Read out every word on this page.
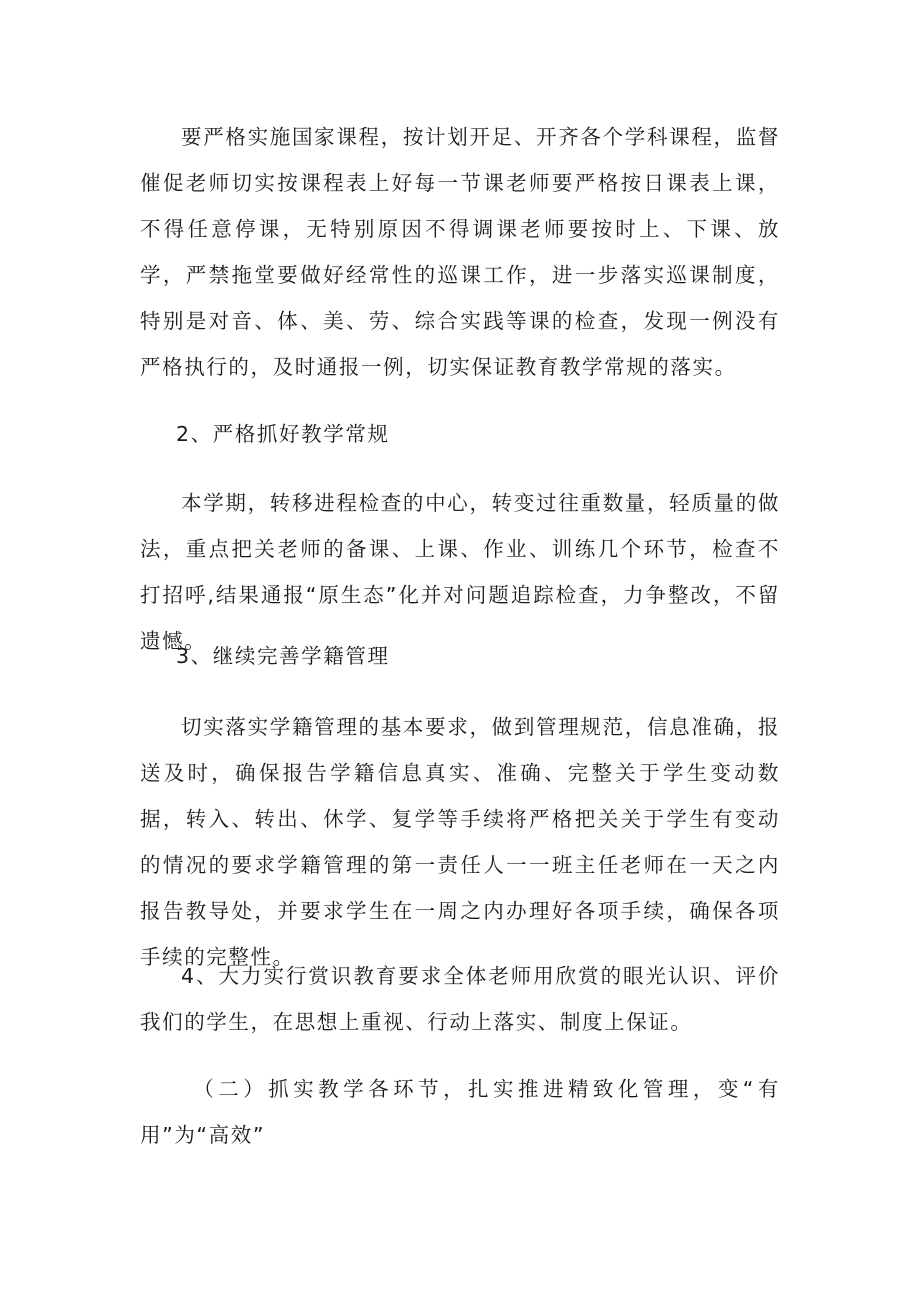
要严格实施国家课程，按计划开足、开齐各个学科课程，监督催促老师切实按课程表上好每一节课老师要严格按日课表上课，不得任意停课，无特别原因不得调课老师要按时上、下课、放学，严禁拖堂要做好经常性的巡课工作，进一步落实巡课制度，特别是对音、体、美、劳、综合实践等课的检查，发现一例没有严格执行的，及时通报一例，切实保证教育教学常规的落实。

2、严格抓好教学常规

本学期，转移进程检查的中心，转变过往重数量，轻质量的做法，重点把关老师的备课、上课、作业、训练几个环节，检查不打招呼,结果通报“原生态”化并对问题追踪检查，力争整改，不留遗憾。

3、继续完善学籍管理

切实落实学籍管理的基本要求，做到管理规范，信息准确，报送及时，确保报告学籍信息真实、准确、完整关于学生变动数据，转入、转出、休学、复学等手续将严格把关关于学生有变动的情况的要求学籍管理的第一责任人一一班主任老师在一天之内报告教导处，并要求学生在一周之内办理好各项手续，确保各项手续的完整性。

4、大力实行赏识教育要求全体老师用欣赏的眼光认识、评价我们的学生，在思想上重视、行动上落实、制度上保证。

（二）抓实教学各环节，扎实推进精致化管理，变“有用”为“高效”
